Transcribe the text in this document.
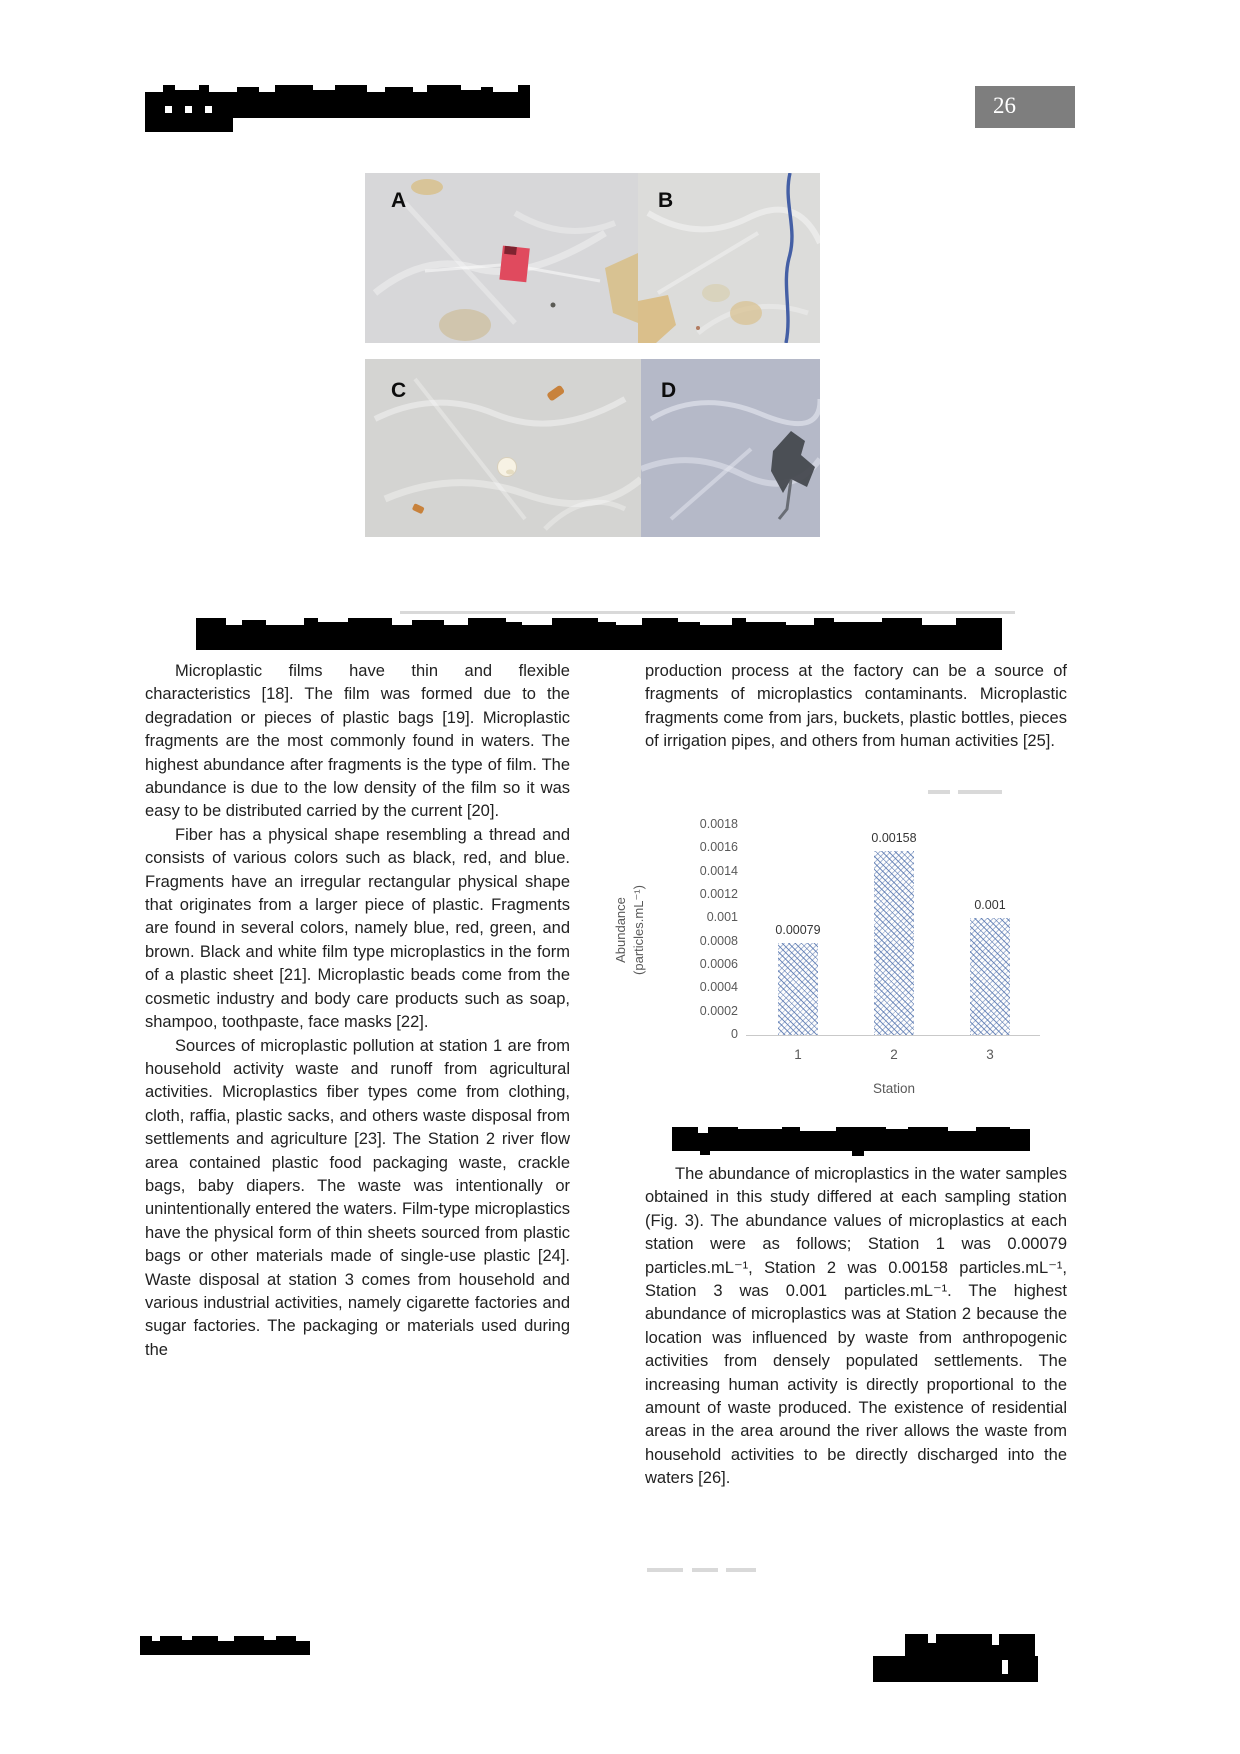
26
A	B
C	D

Microplastic films have thin and flexible characteristics [18]. The film was formed due to the degradation or pieces of plastic bags [19]. Microplastic fragments are the most commonly found in waters. The highest abundance after fragments is the type of film. The abundance is due to the low density of the film so it was easy to be distributed carried by the current [20].

Fiber has a physical shape resembling a thread and consists of various colors such as black, red, and blue. Fragments have an irregular rectangular physical shape that originates from a larger piece of plastic. Fragments are found in several colors, namely blue, red, green, and brown. Black and white film type microplastics in the form of a plastic sheet [21]. Microplastic beads come from the cosmetic industry and body care products such as soap, shampoo, toothpaste, face masks [22].

Sources of microplastic pollution at station 1 are from household activity waste and runoff from agricultural activities. Microplastics fiber types come from clothing, cloth, raffia, plastic sacks, and others waste disposal from settlements and agriculture [23]. The Station 2 river flow area contained plastic food packaging waste, crackle bags, baby diapers. The waste was intentionally or unintentionally entered the waters. Film-type microplastics have the physical form of thin sheets sourced from plastic bags or other materials made of single-use plastic [24]. Waste disposal at station 3 comes from household and various industrial activities, namely cigarette factories and sugar factories. The packaging or materials used during the

production process at the factory can be a source of fragments of microplastics contaminants. Microplastic fragments come from jars, buckets, plastic bottles, pieces of irrigation pipes, and others from human activities [25].

Abundance (particles.mL⁻¹)
Station
0.0018
0.0016
0.0014
0.0012
0.001
0.0008
0.0006
0.0004
0.0002
0
0.00079
1
0.00158
2
0.001
3

The abundance of microplastics in the water samples obtained in this study differed at each sampling station (Fig. 3). The abundance values of microplastics at each station were as follows; Station 1 was 0.00079 particles.mL⁻¹, Station 2 was 0.00158 particles.mL⁻¹, Station 3 was 0.001 particles.mL⁻¹. The highest abundance of microplastics was at Station 2 because the location was influenced by waste from anthropogenic activities from densely populated settlements. The increasing human activity is directly proportional to the amount of waste produced. The existence of residential areas in the area around the river allows the waste from household activities to be directly discharged into the waters [26].
